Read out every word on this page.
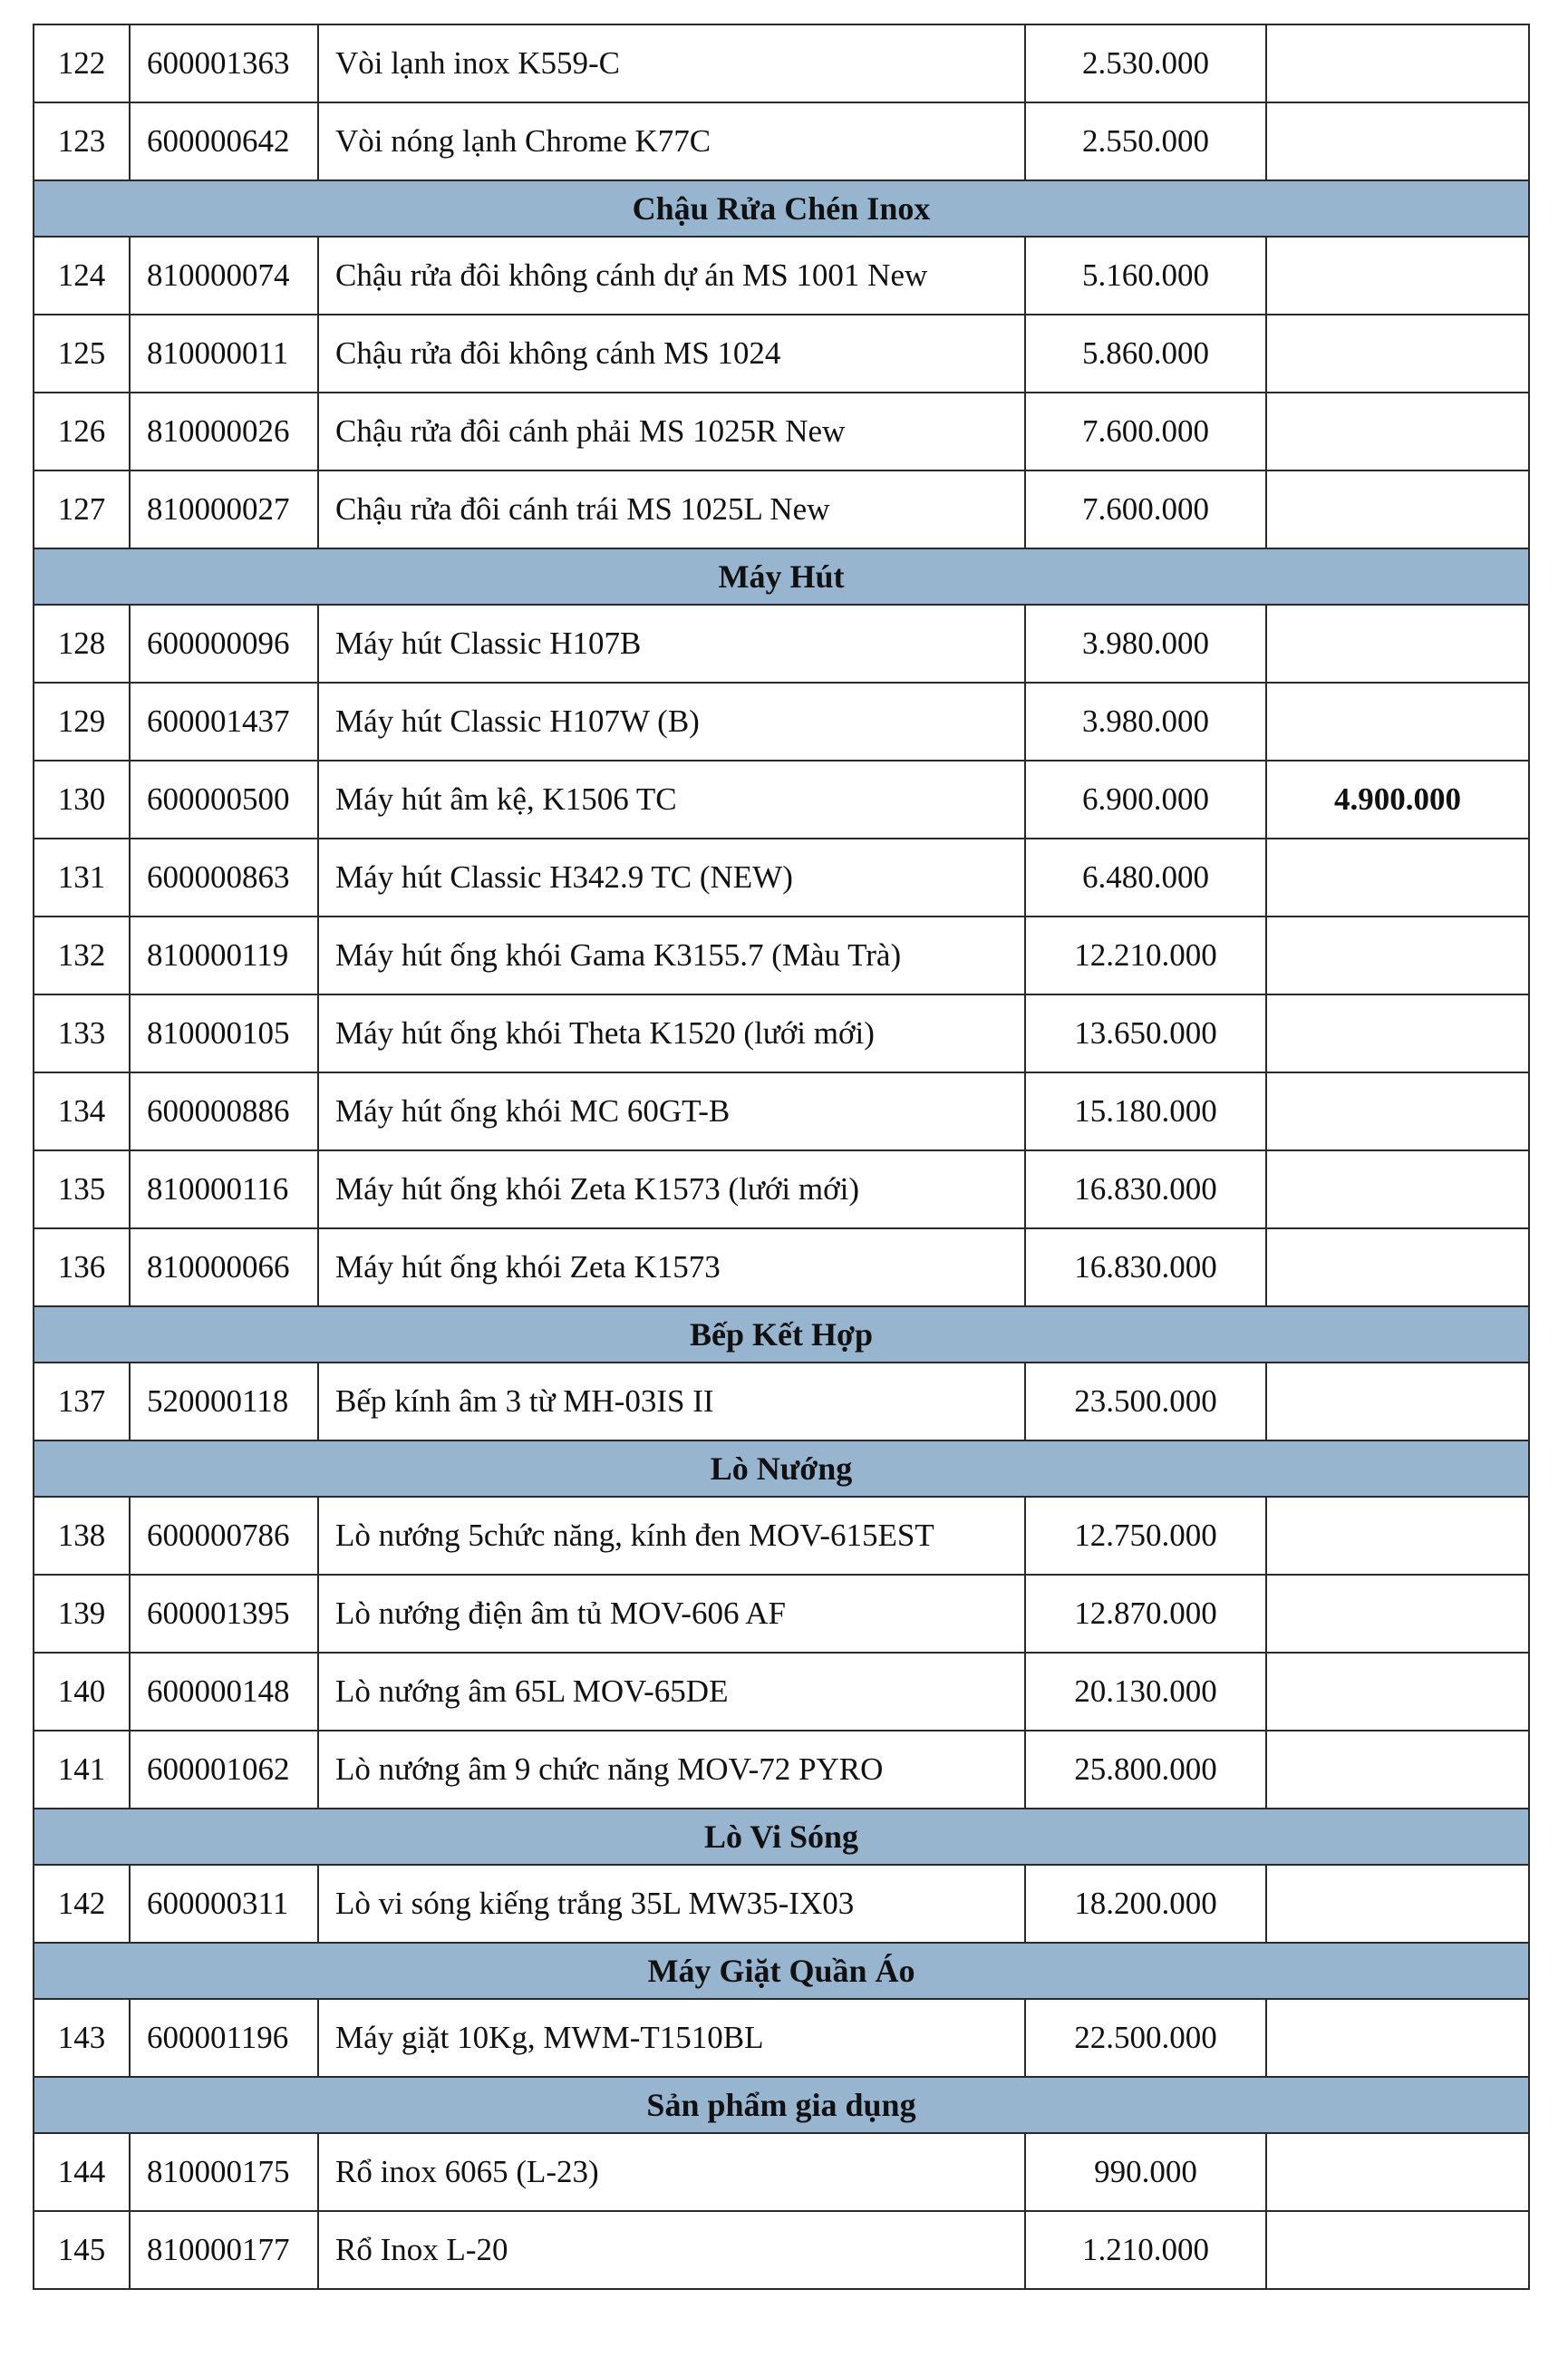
122	600001363	Vòi lạnh inox K559-C	2.530.000	
123	600000642	Vòi nóng lạnh Chrome K77C	2.550.000	
Chậu Rửa Chén Inox				
124	810000074	Chậu rửa đôi không cánh dự án MS 1001 New	5.160.000	
125	810000011	Chậu rửa đôi không cánh MS 1024	5.860.000	
126	810000026	Chậu rửa đôi cánh phải MS 1025R New	7.600.000	
127	810000027	Chậu rửa đôi cánh trái MS 1025L New	7.600.000	
Máy Hút				
128	600000096	Máy hút Classic H107B	3.980.000	
129	600001437	Máy hút Classic H107W (B)	3.980.000	
130	600000500	Máy hút âm kệ, K1506 TC	6.900.000	4.900.000
131	600000863	Máy hút Classic H342.9 TC (NEW)	6.480.000	
132	810000119	Máy hút ống khói Gama K3155.7 (Màu Trà)	12.210.000	
133	810000105	Máy hút ống khói Theta K1520 (lưới mới)	13.650.000	
134	600000886	Máy hút ống khói MC 60GT-B	15.180.000	
135	810000116	Máy hút ống khói Zeta K1573 (lưới mới)	16.830.000	
136	810000066	Máy hút ống khói Zeta K1573	16.830.000	
Bếp Kết Hợp				
137	520000118	Bếp kính âm 3 từ MH-03IS II	23.500.000	
Lò Nướng				
138	600000786	Lò nướng 5chức năng, kính đen MOV-615EST	12.750.000	
139	600001395	Lò nướng điện âm tủ MOV-606 AF	12.870.000	
140	600000148	Lò nướng âm 65L MOV-65DE	20.130.000	
141	600001062	Lò nướng âm 9 chức năng MOV-72 PYRO	25.800.000	
Lò Vi Sóng				
142	600000311	Lò vi sóng kiếng trắng 35L MW35-IX03	18.200.000	
Máy Giặt Quần Áo				
143	600001196	Máy giặt 10Kg, MWM-T1510BL	22.500.000	
Sản phẩm gia dụng				
144	810000175	Rổ inox 6065 (L-23)	990.000	
145	810000177	Rổ Inox L-20	1.210.000	
